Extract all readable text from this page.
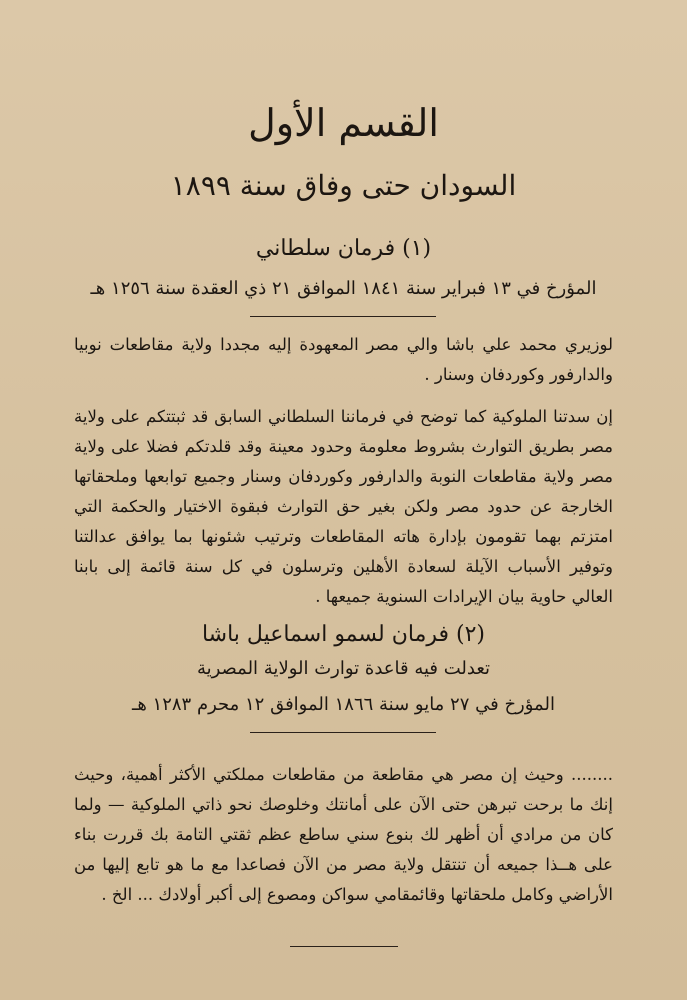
القسم الأول
السودان حتى وفاق سنة ١٨٩٩
(١) فرمان سلطاني
المؤرخ في ١٣ فبراير سنة ١٨٤١ الموافق ٢١ ذي العقدة سنة ١٢٥٦ هـ
لوزيري محمد علي باشا والي مصر المعهودة إليه مجددا ولاية مقاطعات نوبيا والدارفور وكوردفان وسنار .
إن سدتنا الملوكية كما توضح في فرماننا السلطاني السابق قد ثبتتكم على ولاية مصر بطريق التوارث بشروط معلومة وحدود معينة وقد قلدتكم فضلا على ولاية مصر ولاية مقاطعات النوبة والدارفور وكوردفان وسنار وجميع توابعها وملحقاتها الخارجة عن حدود مصر ولكن بغير حق التوارث فبقوة الاختيار والحكمة التي امتزتم بهما تقومون بإدارة هاته المقاطعات وترتيب شئونها بما يوافق عدالتنا وتوفير الأسباب الآيلة لسعادة الأهلين وترسلون في كل سنة قائمة إلى بابنا العالي حاوية بيان الإيرادات السنوية جميعها .
(٢) فرمان لسمو اسماعيل باشا
تعدلت فيه قاعدة توارث الولاية المصرية
المؤرخ في ٢٧ مايو سنة ١٨٦٦ الموافق ١٢ محرم ١٢٨٣ هـ
........ وحيث إن مصر هي مقاطعة من مقاطعات مملكتي الأكثر أهمية، وحيث إنك ما برحت تبرهن حتى الآن على أمانتك وخلوصك نحو ذاتي الملوكية — ولما كان من مرادي أن أظهر لك بنوع سني ساطع عظم ثقتي التامة بك قررت بناء على هــذا جميعه أن تنتقل ولاية مصر من الآن فصاعدا مع ما هو تابع إليها من الأراضي وكامل ملحقاتها وقائمقامي سواكن ومصوع إلى أكبر أولادك ... الخ .
